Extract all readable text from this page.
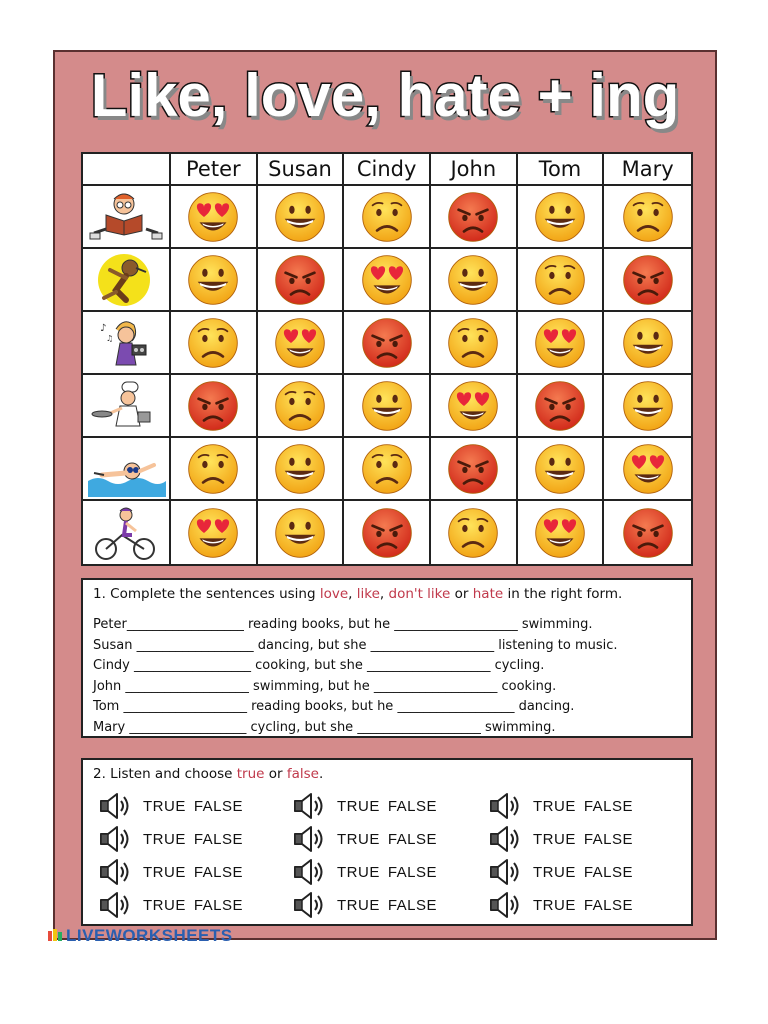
Like, love, hate + ing
Peter	Susan	Cindy	John	Tom	Mary
♪
♫
1. Complete the sentences using love, like, don't like or hate in the right form.
Peter__________________ reading books, but he ___________________ swimming.
Susan __________________ dancing, but she ___________________ listening to music.
Cindy __________________ cooking, but she ___________________ cycling.
John ___________________ swimming, but he ___________________ cooking.
Tom ___________________ reading books, but he __________________ dancing.
Mary __________________ cycling, but she ___________________ swimming.
2. Listen and choose true or false.
TRUE FALSE	TRUE FALSE	TRUE FALSE
TRUE FALSE	TRUE FALSE	TRUE FALSE
TRUE FALSE	TRUE FALSE	TRUE FALSE
TRUE FALSE	TRUE FALSE	TRUE FALSE
LIVEWORKSHEETS
